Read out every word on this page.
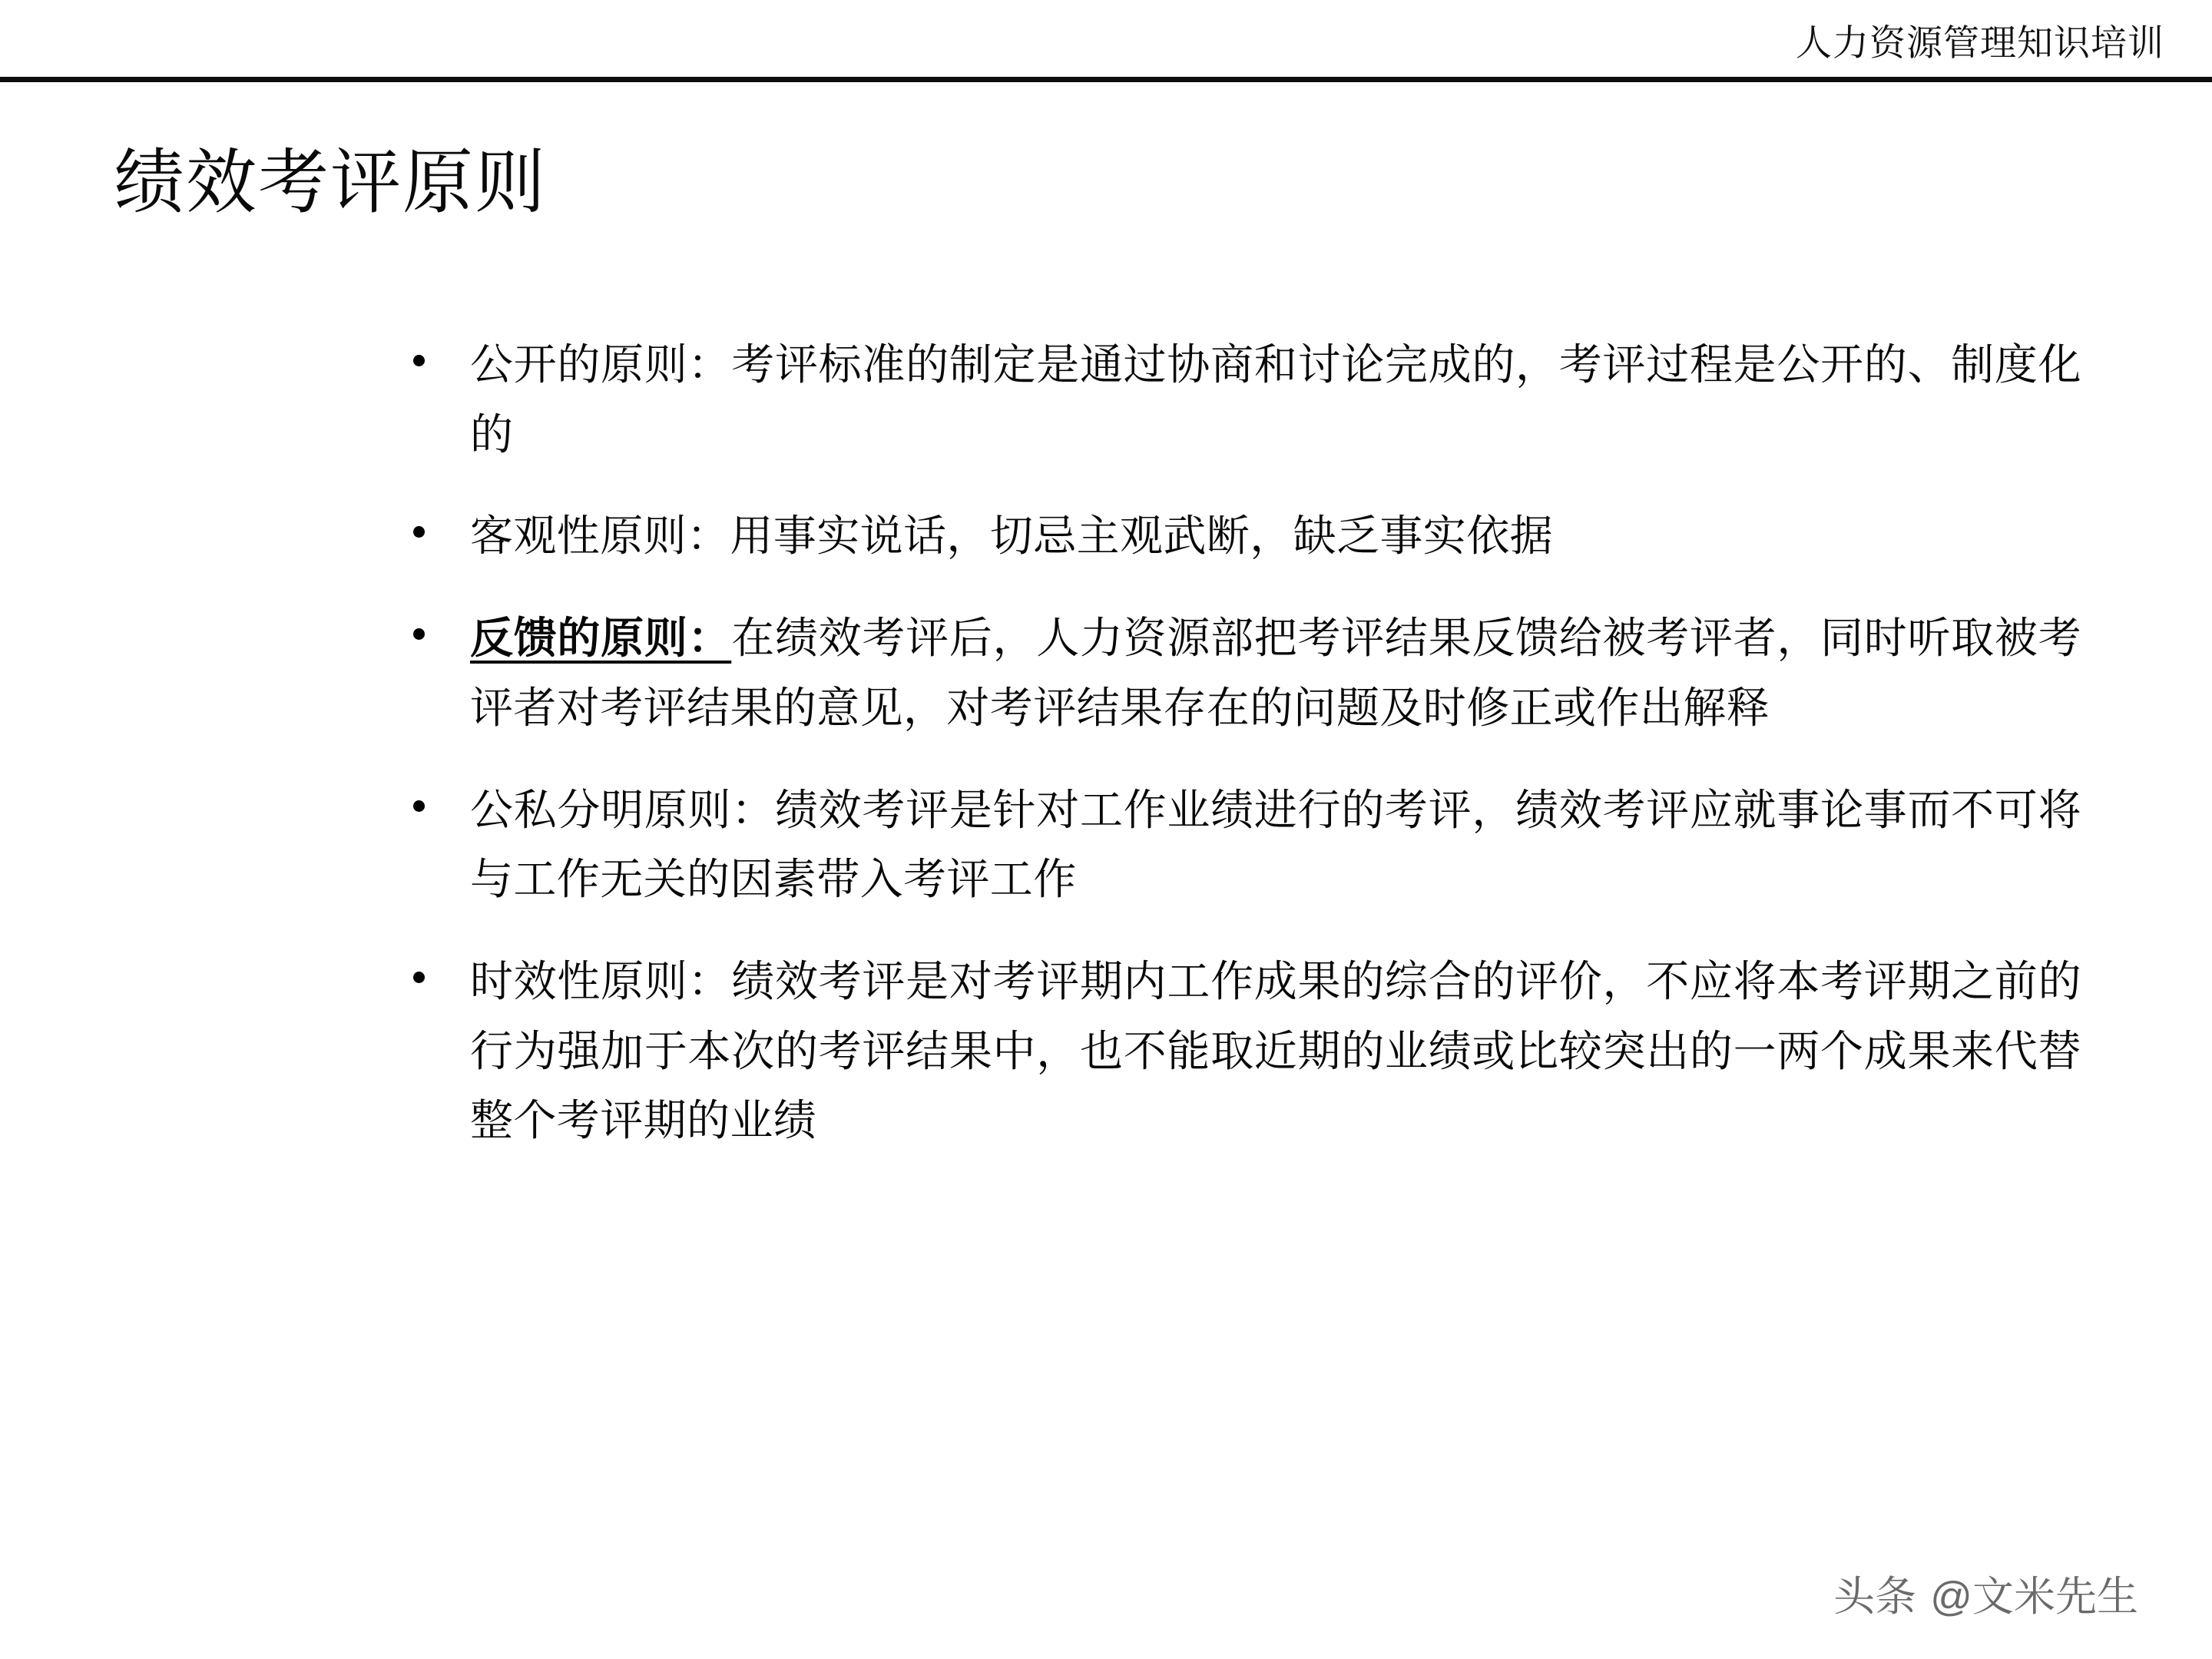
人力资源管理知识培训
绩效考评原则
公开的原则：考评标准的制定是通过协商和讨论完成的，考评过程是公开的、制度化的
客观性原则：用事实说话，切忌主观武断，缺乏事实依据
反馈的原则：在绩效考评后，人力资源部把考评结果反馈给被考评者，同时听取被考评者对考评结果的意见，对考评结果存在的问题及时修正或作出解释
公私分明原则：绩效考评是针对工作业绩进行的考评，绩效考评应就事论事而不可将与工作无关的因素带入考评工作
时效性原则：绩效考评是对考评期内工作成果的综合的评价，不应将本考评期之前的行为强加于本次的考评结果中，也不能取近期的业绩或比较突出的一两个成果来代替整个考评期的业绩
头条 @文米先生
